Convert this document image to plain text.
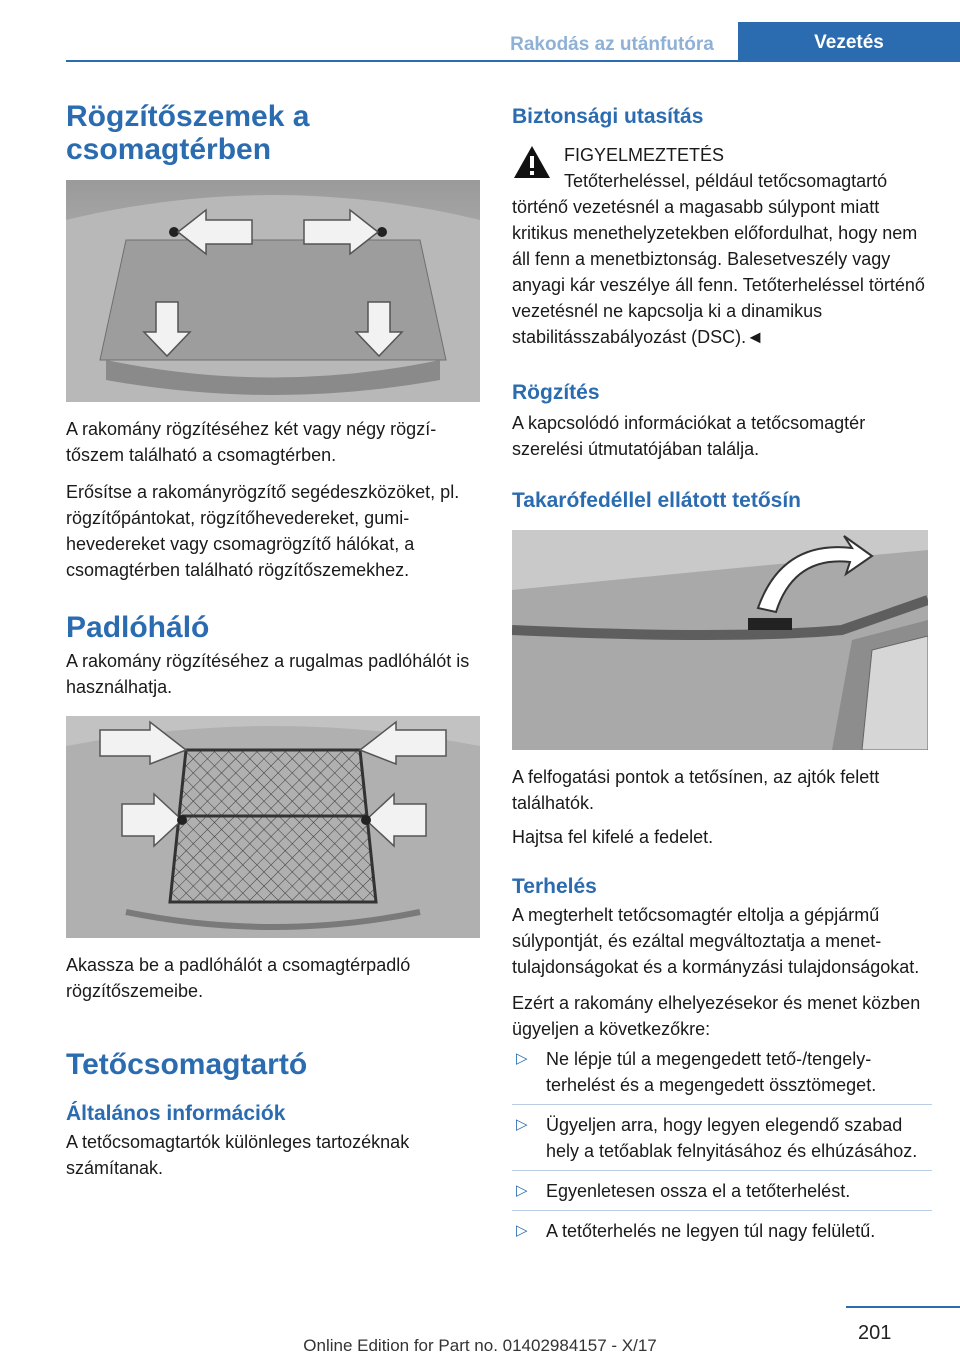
Rakodás az utánfutóra	Vezetés
Rögzítőszemek a csomagtérben

A rakomány rögzítéséhez két vagy négy rögzítőszem található a csomagtérben.

Erősítse a rakományrögzítő segédeszközöket, pl. rögzítőpántokat, rögzítőhevedereket, gumihevedereket vagy csomagrögzítő hálókat, a csomagtérben található rögzítőszemekhez.

Padlóháló

A rakomány rögzítéséhez a rugalmas padlóhálót is használhatja.

Akassza be a padlóhálót a csomagtérpadló rögzítőszemeibe.

Tetőcsomagtartó
Általános információk

A tetőcsomagtartók különleges tartozéknak számítanak.

Biztonsági utasítás
FIGYELMEZTETÉS

Tetőterheléssel, például tetőcsomagtartó történő vezetésnél a magasabb súlypont miatt kritikus menethelyzetekben előfordulhat, hogy nem áll fenn a menetbiztonság. Balesetveszély vagy anyagi kár veszélye áll fenn. Tetőterheléssel történő vezetésnél ne kapcsolja ki a dinamikus stabilitásszabályozást (DSC).◄

Rögzítés

A kapcsolódó információkat a tetőcsomagtér szerelési útmutatójában találja.

Takarófedéllel ellátott tetősín

A felfogatási pontok a tetősínen, az ajtók felett találhatók.

Hajtsa fel kifelé a fedelet.

Terhelés

A megterhelt tetőcsomagtér eltolja a gépjármű súlypontját, és ezáltal megváltoztatja a menettulajdonságokat és a kormányzási tulajdonságokat.

Ezért a rakomány elhelyezésekor és menet közben ügyeljen a következőkre:

▷ Ne lépje túl a megengedett tető-/tengelyterhelést és a megengedett össztömeget.
▷ Ügyeljen arra, hogy legyen elegendő szabad hely a tetőablak felnyitásához és elhúzásához.
▷ Egyenletesen ossza el a tetőterhelést.
▷ A tetőterhelés ne legyen túl nagy felületű.
201
Online Edition for Part no. 01402984157 - X/17
